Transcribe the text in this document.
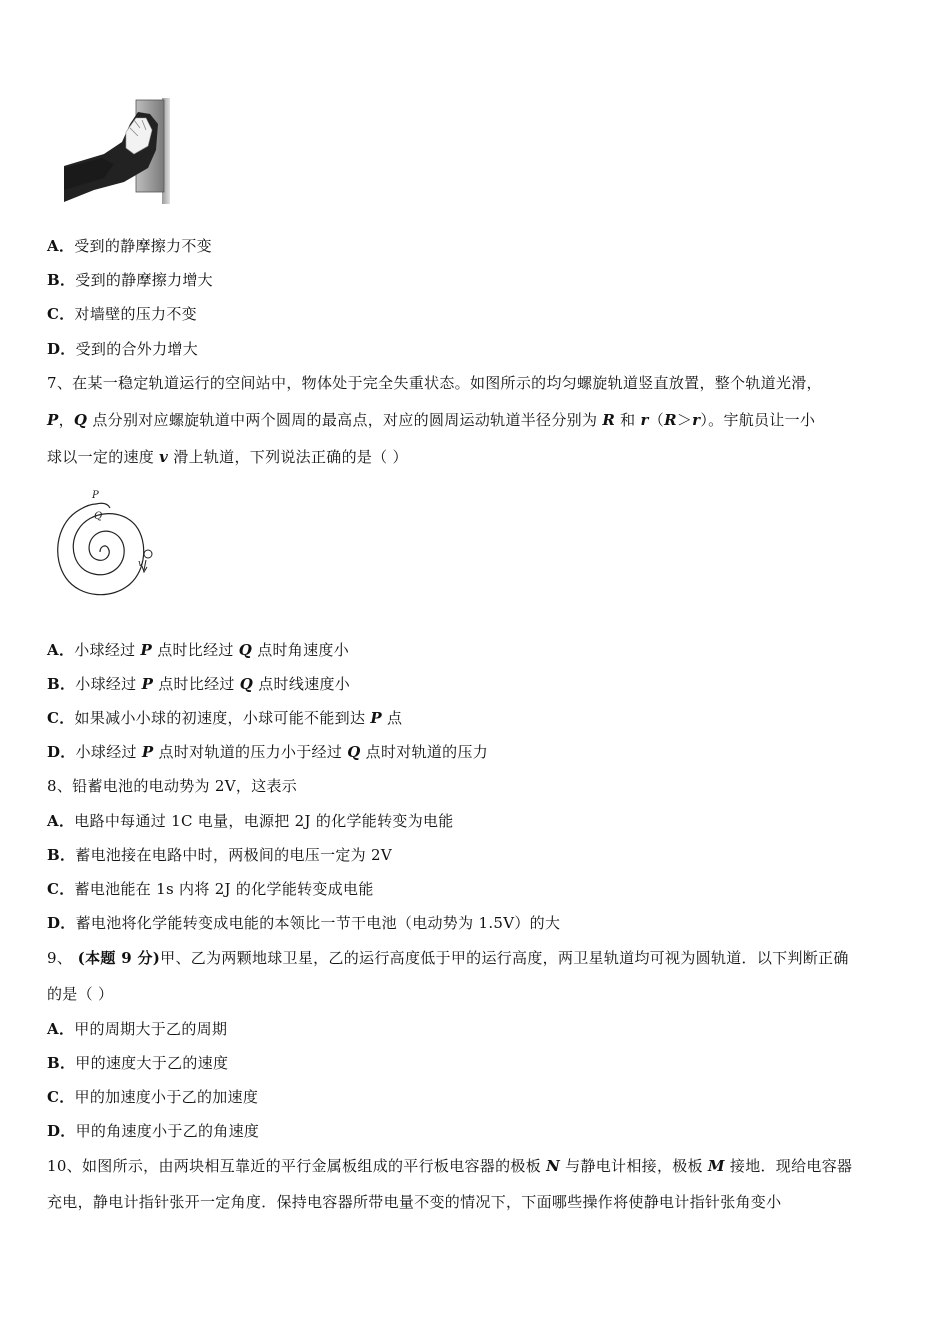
A．受到的静摩擦力不变
B．受到的静摩擦力增大
C．对墙壁的压力不变
D．受到的合外力增大
7、在某一稳定轨道运行的空间站中，物体处于完全失重状态。如图所示的均匀螺旋轨道竖直放置，整个轨道光滑，
P，Q 点分别对应螺旋轨道中两个圆周的最高点，对应的圆周运动轨道半径分别为 R 和 r（R＞r）。宇航员让一小
球以一定的速度 v 滑上轨道，下列说法正确的是（ ）
P
Q
v
A．小球经过 P 点时比经过 Q 点时角速度小
B．小球经过 P 点时比经过 Q 点时线速度小
C．如果减小小球的初速度，小球可能不能到达 P 点
D．小球经过 P 点时对轨道的压力小于经过 Q 点时对轨道的压力
8、铅蓄电池的电动势为 2V，这表示
A．电路中每通过 1C 电量，电源把 2J 的化学能转变为电能
B．蓄电池接在电路中时，两极间的电压一定为 2V
C．蓄电池能在 1s 内将 2J 的化学能转变成电能
D．蓄电池将化学能转变成电能的本领比一节干电池（电动势为 1.5V）的大
9、 (本题 9 分)甲、乙为两颗地球卫星，乙的运行高度低于甲的运行高度，两卫星轨道均可视为圆轨道．以下判断正确
的是（ ）
A．甲的周期大于乙的周期
B．甲的速度大于乙的速度
C．甲的加速度小于乙的加速度
D．甲的角速度小于乙的角速度
10、如图所示，由两块相互靠近的平行金属板组成的平行板电容器的极板 N 与静电计相接，极板 M 接地．现给电容器
充电，静电计指针张开一定角度．保持电容器所带电量不变的情况下，下面哪些操作将使静电计指针张角变小
